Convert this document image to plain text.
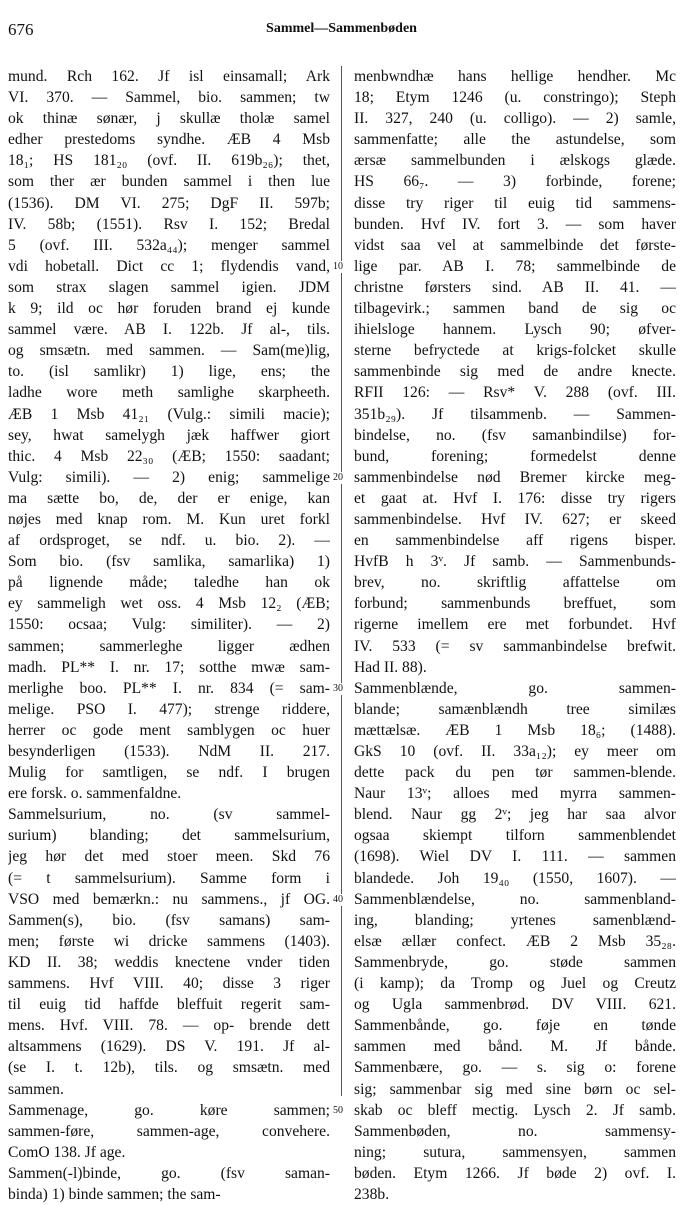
676	Sammel—Sammenbøden
mund. Rch 162. Jf isl einsamall; Ark
VI. 370. — Sammel, bio. sammen; tw
ok thinæ sønær, j skullæ tholæ samel
edher prestedoms syndhe. ÆB 4 Msb
18₁; HS 181₂₀ (ovf. II. 619b₂₆); thet,
som ther ær bunden sammel i then lue
(1536). DM VI. 275; DgF II. 597b;
IV. 58b; (1551). Rsv I. 152; Bredal
5 (ovf. III. 532a₄₄); menger sammel
vdi hobetall. Dict cc 1; flydendis vand,
som strax slagen sammel igien. JDM
k 9; ild oc hør foruden brand ej kunde
sammel være. AB I. 122b. Jf al-, tils.
og smsætn. med sammen. — Sam(me)lig,
to. (isl samlikr) 1) lige, ens; the
ladhe wore meth samlighe skarpheeth.
ÆB 1 Msb 41₂₁ (Vulg.: simili macie);
sey, hwat samelygh jæk haffwer giort
thic. 4 Msb 22₃₀ (ÆB; 1550: saadant;
Vulg: simili). — 2) enig; sammelige
ma sætte bo, de, der er enige, kan
nøjes med knap rom. M. Kun uret forkl
af ordsproget, se ndf. u. bio. 2). —
Som bio. (fsv samlika, samarlika) 1)
på lignende måde; taledhe han ok
ey sammeligh wet oss. 4 Msb 12₂ (ÆB;
1550: ocsaa; Vulg: similiter). — 2)
sammen; sammerleghe ligger ædhen
madh. PL** I. nr. 17; sotthe mwæ sam-
merlighe boo. PL** I. nr. 834 (= sam-
melige. PSO I. 477); strenge riddere,
herrer oc gode ment samblygen oc huer
besynderligen (1533). NdM II. 217.
Mulig for samtligen, se ndf. I brugen
ere forsk. o. sammenfaldne.
Sammelsurium, no. (sv sammel-
surium) blanding; det sammelsurium,
jeg hør det med stoer meen. Skd 76
(= t sammelsurium). Samme form i
VSO med bemærkn.: nu sammens., jf OG.
Sammen(s), bio. (fsv samans) sam-
men; første wi dricke sammens (1403).
KD II. 38; weddis knectene vnder tiden
sammens. Hvf VIII. 40; disse 3 riger
til euig tid haffde bleffuit regerit sam-
mens. Hvf. VIII. 78. — op- brende dett
altsammens (1629). DS V. 191. Jf al-
(se I. t. 12b), tils. og smsætn. med
sammen.
Sammenage, go. køre sammen;
sammen-føre, sammen-age, convehere.
ComO 138. Jf age.
Sammen(-l)binde, go. (fsv saman-
binda) 1) binde sammen; the sam-
10
20
30
40
50
menbwndhæ hans hellige hendher. Mc
18; Etym 1246 (u. constringo); Steph
II. 327, 240 (u. colligo). — 2) samle,
sammenfatte; alle the astundelse, som
ærsæ sammelbunden i ælskogs glæde.
HS 66₇. — 3) forbinde, forene;
disse try riger til euig tid sammens-
bunden. Hvf IV. fort 3. — som haver
vidst saa vel at sammelbinde det første-
lige par. AB I. 78; sammelbinde de
christne førsters sind. AB II. 41. —
tilbagevirk.; sammen band de sig oc
ihielsloge hannem. Lysch 90; øfver-
sterne befryctede at krigs-folcket skulle
sammenbinde sig med de andre knecte.
RFII 126: — Rsv* V. 288 (ovf. III.
351b₂₉). Jf tilsammenb. — Sammen-
bindelse, no. (fsv samanbindilse) for-
bund, forening; formedelst denne
sammenbindelse nød Bremer kircke meg-
et gaat at. Hvf I. 176: disse try rigers
sammenbindelse. Hvf IV. 627; er skeed
en sammenbindelse aff rigens bisper.
HvfB h 3ᵛ. Jf samb. — Sammenbunds-
brev, no. skriftlig affattelse om
forbund; sammenbunds breffuet, som
rigerne imellem ere met forbundet. Hvf
IV. 533 (= sv sammanbindelse brefwit.
Had II. 88).
Sammenblænde, go. sammen-
blande; samænblændh tree similæs
mættælsæ. ÆB 1 Msb 18₆; (1488).
GkS 10 (ovf. II. 33a₁₂); ey meer om
dette pack du pen tør sammen-blende.
Naur 13ᵛ; alloes med myrra sammen-
blend. Naur gg 2ᵛ; jeg har saa alvor
ogsaa skiempt tilforn sammenblendet
(1698). Wiel DV I. 111. — sammen
blandede. Joh 19₄₀ (1550, 1607). —
Sammenblændelse, no. sammenbland-
ing, blanding; yrtenes samenblænd-
elsæ ællær confect. ÆB 2 Msb 35₂₈.
Sammenbryde, go. støde sammen
(i kamp); da Tromp og Juel og Creutz
og Ugla sammenbrød. DV VIII. 621.
Sammenbånde, go. føje en tønde
sammen med bånd. M. Jf bånde.
Sammenbære, go. — s. sig o: forene
sig; sammenbar sig med sine børn oc sel-
skab oc bleff mectig. Lysch 2. Jf samb.
Sammenbøden, no. sammensy-
ning; sutura, sammensyen, sammen
bøden. Etym 1266. Jf bøde 2) ovf. I.
238b.
